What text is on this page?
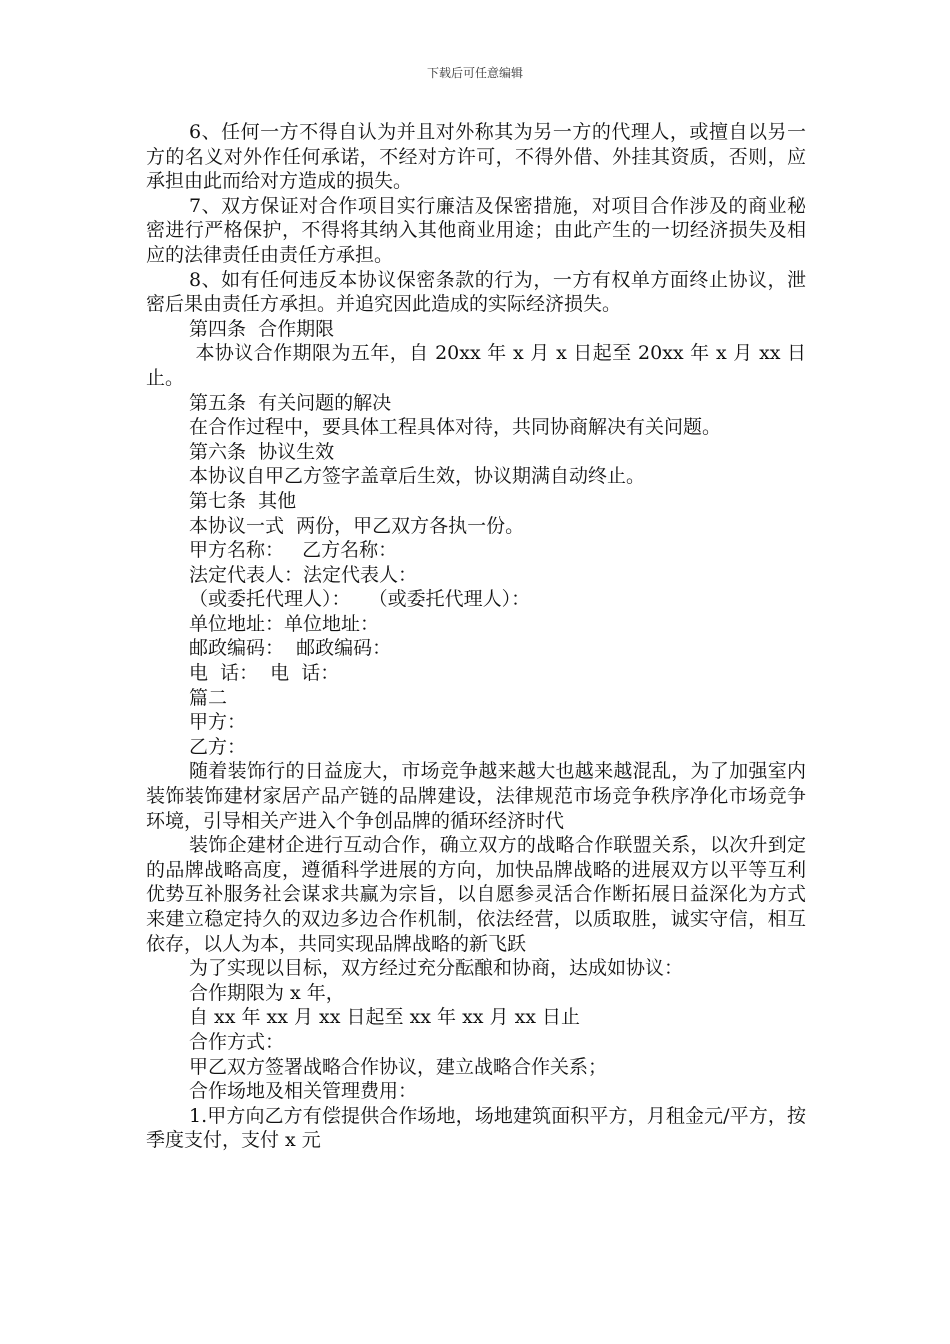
下载后可任意编辑

6、任何一方不得自认为并且对外称其为另一方的代理人，或擅自以另一方的名义对外作任何承诺，不经对方许可，不得外借、外挂其资质，否则，应承担由此而给对方造成的损失。

7、双方保证对合作项目实行廉洁及保密措施，对项目合作涉及的商业秘密进行严格保护，不得将其纳入其他商业用途；由此产生的一切经济损失及相应的法律责任由责任方承担。

8、如有任何违反本协议保密条款的行为，一方有权单方面终止协议，泄密后果由责任方承担。并追究因此造成的实际经济损失。

第四条  合作期限

本协议合作期限为五年，自 20xx 年 x 月 x 日起至 20xx 年 x 月 xx 日止。

第五条  有关问题的解决

在合作过程中，要具体工程具体对待，共同协商解决有关问题。

第六条  协议生效

本协议自甲乙方签字盖章后生效，协议期满自动终止。

第七条  其他

本协议一式  两份，甲乙双方各执一份。

甲方名称：   乙方名称：

法定代表人：法定代表人：

（或委托代理人）：   （或委托代理人）：

单位地址：单位地址：

邮政编码：  邮政编码：

电  话：  电  话：

篇二

甲方：

乙方：

随着装饰行的日益庞大，市场竞争越来越大也越来越混乱，为了加强室内装饰装饰建材家居产品产链的品牌建设，法律规范市场竞争秩序净化市场竞争环境，引导相关产进入个争创品牌的循环经济时代

装饰企建材企进行互动合作，确立双方的战略合作联盟关系，以次升到定的品牌战略高度，遵循科学进展的方向，加快品牌战略的进展双方以平等互利优势互补服务社会谋求共赢为宗旨，以自愿参灵活合作断拓展日益深化为方式来建立稳定持久的双边多边合作机制，依法经营，以质取胜，诚实守信，相互依存，以人为本，共同实现品牌战略的新飞跃

为了实现以目标，双方经过充分酝酿和协商，达成如协议：

合作期限为 x 年，

自 xx 年 xx 月 xx 日起至 xx 年 xx 月 xx 日止

合作方式：

甲乙双方签署战略合作协议，建立战略合作关系；

合作场地及相关管理费用：

1.甲方向乙方有偿提供合作场地，场地建筑面积平方，月租金元/平方，按季度支付，支付 x 元
